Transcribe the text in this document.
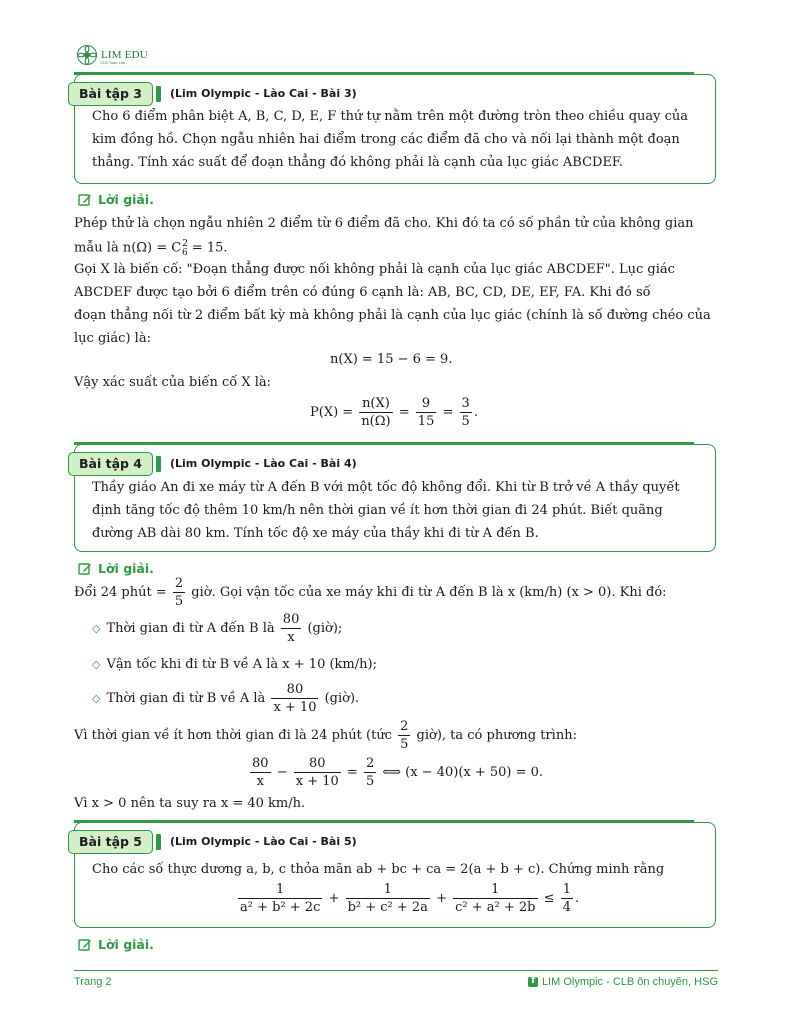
LIM EDU
CLB Toán Lim
Bài tập 3	(Lim Olympic - Lào Cai - Bài 3)
Cho 6 điểm phân biệt A, B, C, D, E, F thứ tự nằm trên một đường tròn theo chiều quay của
kim đồng hồ. Chọn ngẫu nhiên hai điểm trong các điểm đã cho và nối lại thành một đoạn
thẳng. Tính xác suất để đoạn thẳng đó không phải là cạnh của lục giác ABCDEF.
Lời giải.
Phép thử là chọn ngẫu nhiên 2 điểm từ 6 điểm đã cho. Khi đó ta có số phần tử của không gian
mẫu là $n(\Omega) = C^2_6 = 15$.
Gọi X là biến cố: "Đoạn thẳng được nối không phải là cạnh của lục giác ABCDEF". Lục giác
ABCDEF được tạo bởi 6 điểm trên có đúng 6 cạnh là: AB, BC, CD, DE, EF, FA. Khi đó số
đoạn thẳng nối từ 2 điểm bất kỳ mà không phải là cạnh của lục giác (chính là số đường chéo của
lục giác) là:
n(X) = 15 − 6 = 9.
Vậy xác suất của biến cố X là:
$P(X) = \frac{n(X)}{n(\Omega)} = \frac{9}{15} = \frac{3}{5}$ .
Bài tập 4	(Lim Olympic - Lào Cai - Bài 4)
Thầy giáo An đi xe máy từ A đến B với một tốc độ không đổi. Khi từ B trở về A thầy quyết
định tăng tốc độ thêm 10 km/h nên thời gian về ít hơn thời gian đi 24 phút. Biết quãng
đường AB dài 80 km. Tính tốc độ xe máy của thầy khi đi từ A đến B.
Lời giải.
Đổi 24 phút = $\frac{2}{5}$ giờ. Gọi vận tốc của xe máy khi đi từ A đến B là x (km/h) (x > 0). Khi đó:
◇ Thời gian đi từ A đến B là $\frac{80}{x}$ (giờ);
◇ Vận tốc khi đi từ B về A là x + 10 (km/h);
◇ Thời gian đi từ B về A là $\frac{80}{x + 10}$ (giờ).
Vì thời gian về ít hơn thời gian đi là 24 phút (tức $\frac{2}{5}$ giờ), ta có phương trình:
$\frac{80}{x} - \frac{80}{x + 10} = \frac{2}{5}$ ⟺ (x − 40)(x + 50) = 0.
Vì x > 0 nên ta suy ra x = 40 km/h.
Bài tập 5	(Lim Olympic - Lào Cai - Bài 5)
Cho các số thực dương a, b, c thỏa mãn ab + bc + ca = 2(a + b + c). Chứng minh rằng
$\frac{1}{\text{a² + b² + 2c}} + \frac{1}{\text{b² + c² + 2a}} + \frac{1}{\text{c² + a² + 2b}} \le \frac{1}{4}$ .
Lời giải.
Trang 2
f	LIM Olympic - CLB ôn chuyên, HSG
